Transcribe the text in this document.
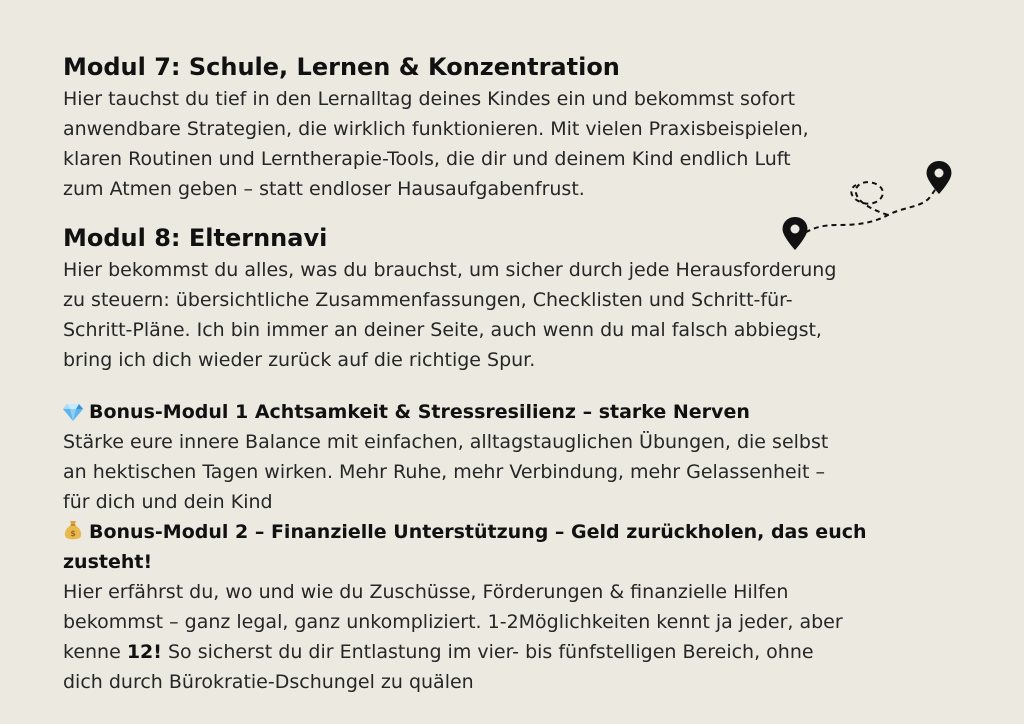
Modul 7: Schule, Lernen & Konzentration

Hier tauchst du tief in den Lernalltag deines Kindes ein und bekommst sofort
anwendbare Strategien, die wirklich funktionieren. Mit vielen Praxisbeispielen,
klaren Routinen und Lerntherapie-Tools, die dir und deinem Kind endlich Luft
zum Atmen geben – statt endloser Hausaufgabenfrust.

Modul 8: Elternnavi

Hier bekommst du alles, was du brauchst, um sicher durch jede Herausforderung
zu steuern: übersichtliche Zusammenfassungen, Checklisten und Schritt-für-
Schritt-Pläne. Ich bin immer an deiner Seite, auch wenn du mal falsch abbiegst,
bring ich dich wieder zurück auf die richtige Spur.

Bonus-Modul 1 Achtsamkeit & Stressresilienz – starke Nerven

Stärke eure innere Balance mit einfachen, alltagstauglichen Übungen, die selbst
an hektischen Tagen wirken. Mehr Ruhe, mehr Verbindung, mehr Gelassenheit –
für dich und dein Kind

$ Bonus-Modul 2 – Finanzielle Unterstützung – Geld zurückholen, das euch
zusteht!

Hier erfährst du, wo und wie du Zuschüsse, Förderungen & finanzielle Hilfen
bekommst – ganz legal, ganz unkompliziert. 1-2Möglichkeiten kennt ja jeder, aber
kenne 12! So sicherst du dir Entlastung im vier- bis fünfstelligen Bereich, ohne
dich durch Bürokratie-Dschungel zu quälen
